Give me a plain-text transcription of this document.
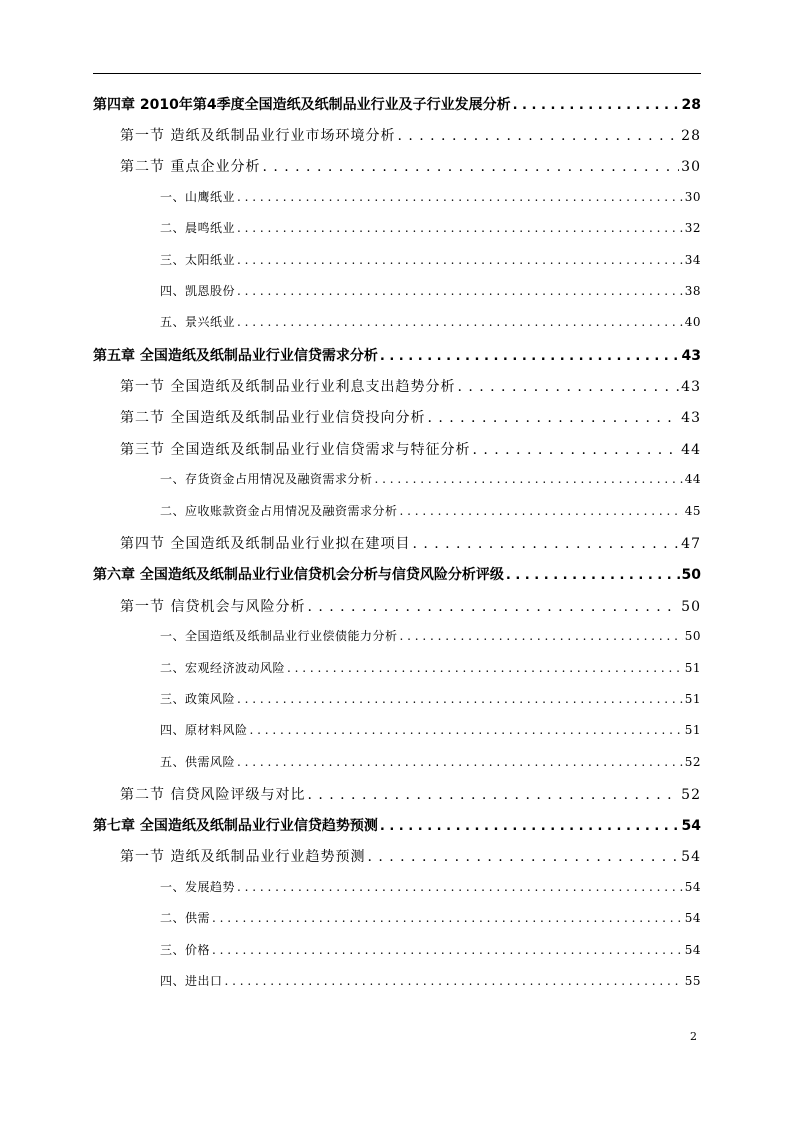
第四章 2010年第4季度全国造纸及纸制品业行业及子行业发展分析 . . .	28
第一节 造纸及纸制品业行业市场环境分析 . . .	28
第二节 重点企业分析 . . .	30
一、山鹰纸业 . . .	30
二、晨鸣纸业 . . .	32
三、太阳纸业 . . .	34
四、凯恩股份 . . .	38
五、景兴纸业 . . .	40
第五章 全国造纸及纸制品业行业信贷需求分析 . . .	43
第一节 全国造纸及纸制品业行业利息支出趋势分析 . . .	43
第二节 全国造纸及纸制品业行业信贷投向分析 . . .	43
第三节 全国造纸及纸制品业行业信贷需求与特征分析 . . .	44
一、存货资金占用情况及融资需求分析 . . .	44
二、应收账款资金占用情况及融资需求分析 . . .	45
第四节 全国造纸及纸制品业行业拟在建项目 . . .	47
第六章 全国造纸及纸制品业行业信贷机会分析与信贷风险分析评级 . . .	50
第一节 信贷机会与风险分析 . . .	50
一、全国造纸及纸制品业行业偿债能力分析 . . .	50
二、宏观经济波动风险 . . .	51
三、政策风险 . . .	51
四、原材料风险 . . .	51
五、供需风险 . . .	52
第二节 信贷风险评级与对比 . . .	52
第七章 全国造纸及纸制品业行业信贷趋势预测 . . .	54
第一节 造纸及纸制品业行业趋势预测 . . .	54
一、发展趋势 . . .	54
二、供需 . . .	54
三、价格 . . .	54
四、进出口 . . .	55
2
